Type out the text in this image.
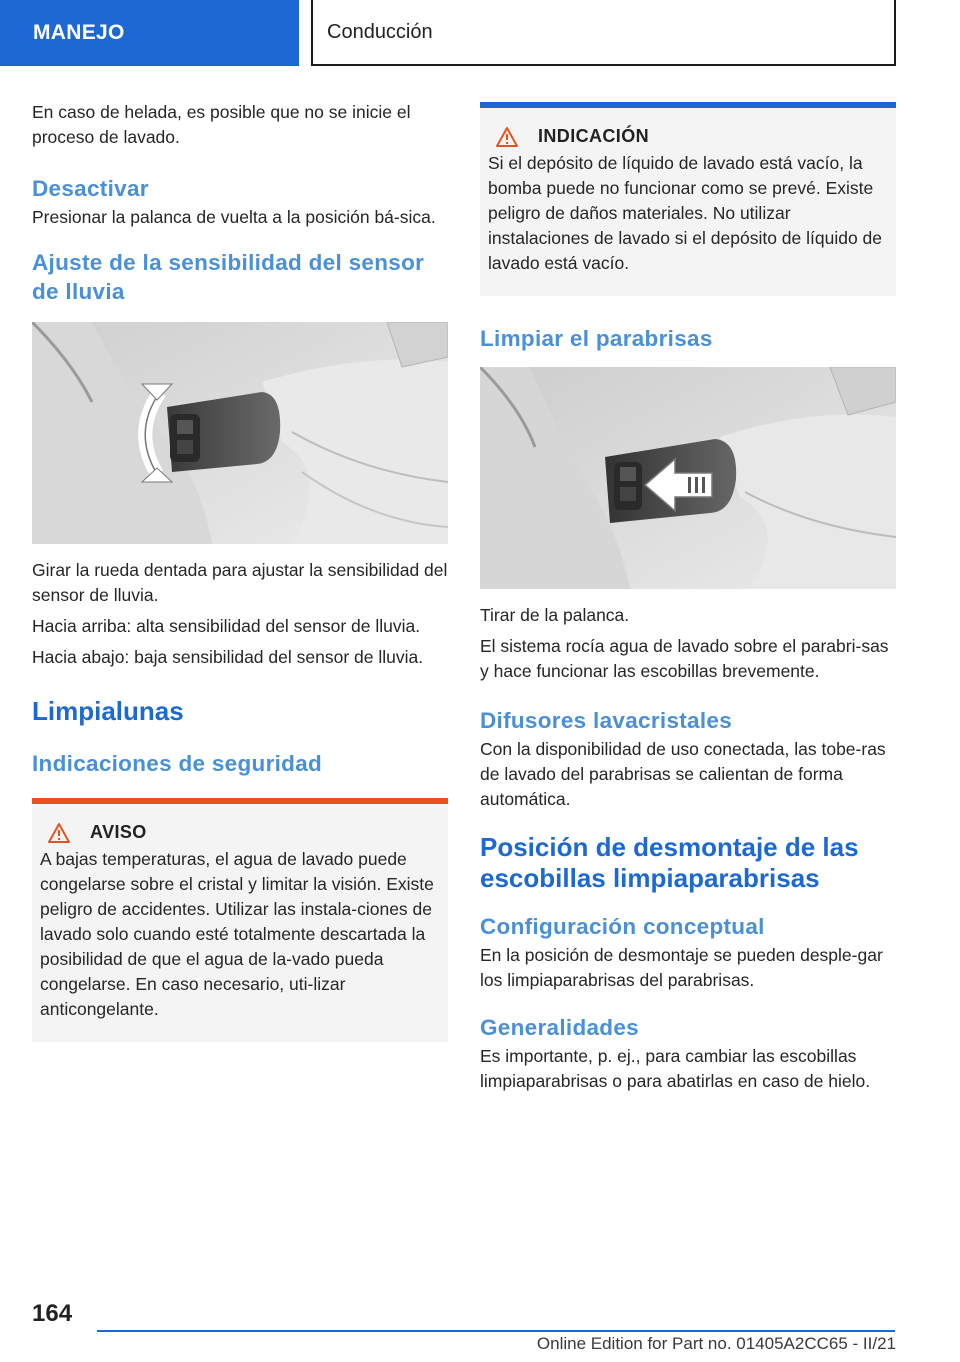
MANEJO	Conducción

En caso de helada, es posible que no se inicie el proceso de lavado.

Desactivar

Presionar la palanca de vuelta a la posición bá-sica.

Ajuste de la sensibilidad del sensor de lluvia

Girar la rueda dentada para ajustar la sensibilidad del sensor de lluvia.

Hacia arriba: alta sensibilidad del sensor de lluvia.

Hacia abajo: baja sensibilidad del sensor de lluvia.

Limpialunas
Indicaciones de seguridad
AVISO

A bajas temperaturas, el agua de lavado puede congelarse sobre el cristal y limitar la visión. Existe peligro de accidentes. Utilizar las instala-ciones de lavado solo cuando esté totalmente descartada la posibilidad de que el agua de la-vado pueda congelarse. En caso necesario, uti-lizar anticongelante.

INDICACIÓN

Si el depósito de líquido de lavado está vacío, la bomba puede no funcionar como se prevé. Existe peligro de daños materiales. No utilizar instalaciones de lavado si el depósito de líquido de lavado está vacío.

Limpiar el parabrisas

Tirar de la palanca.

El sistema rocía agua de lavado sobre el parabri-sas y hace funcionar las escobillas brevemente.

Difusores lavacristales

Con la disponibilidad de uso conectada, las tobe-ras de lavado del parabrisas se calientan de forma automática.

Posición de desmontaje de las escobillas limpiaparabrisas
Configuración conceptual

En la posición de desmontaje se pueden desple-gar los limpiaparabrisas del parabrisas.

Generalidades

Es importante, p. ej., para cambiar las escobillas limpiaparabrisas o para abatirlas en caso de hielo.

164
Online Edition for Part no. 01405A2CC65 - II/21
